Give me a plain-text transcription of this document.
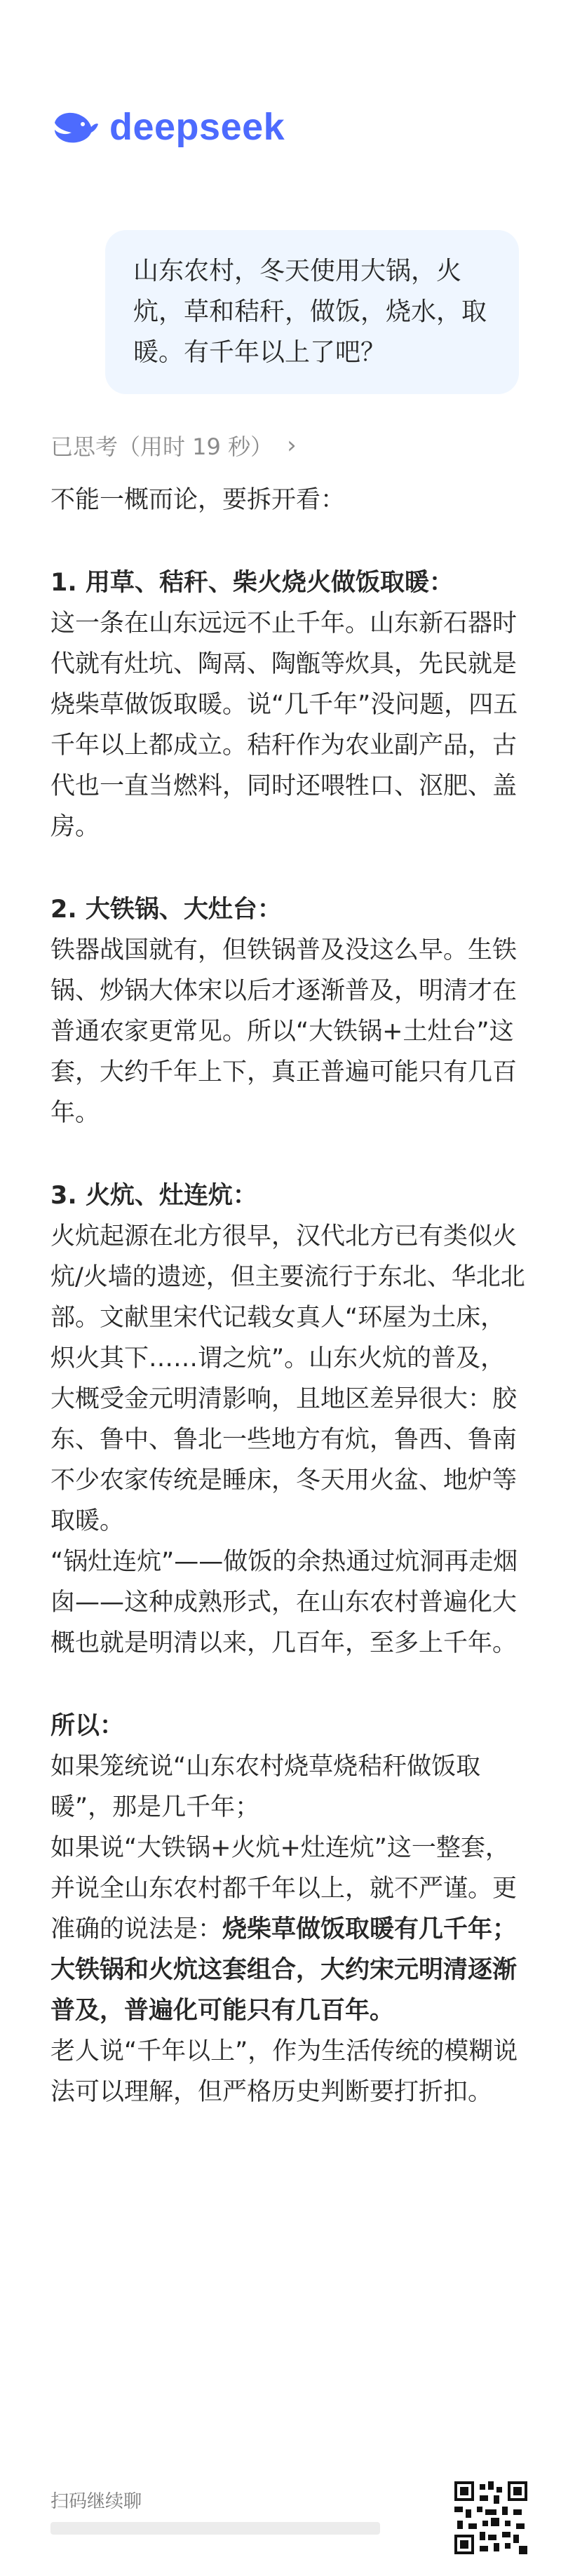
deepseek
山东农村，冬天使用大锅，火炕，草和秸秆，做饭，烧水，取暖。有千年以上了吧？
已思考（用时 19 秒） ›

不能一概而论，要拆开看：

1. 用草、秸秆、柴火烧火做饭取暖：

这一条在山东远远不止千年。山东新石器时代就有灶坑、陶鬲、陶甑等炊具，先民就是烧柴草做饭取暖。说“几千年”没问题，四五千年以上都成立。秸秆作为农业副产品，古代也一直当燃料，同时还喂牲口、沤肥、盖房。

2. 大铁锅、大灶台：

铁器战国就有，但铁锅普及没这么早。生铁锅、炒锅大体宋以后才逐渐普及，明清才在普通农家更常见。所以“大铁锅+土灶台”这套，大约千年上下，真正普遍可能只有几百年。

3. 火炕、灶连炕：

火炕起源在北方很早，汉代北方已有类似火炕/火墙的遗迹，但主要流行于东北、华北北部。文献里宋代记载女真人“环屋为土床，炽火其下……谓之炕”。山东火炕的普及，大概受金元明清影响，且地区差异很大：胶东、鲁中、鲁北一些地方有炕，鲁西、鲁南不少农家传统是睡床，冬天用火盆、地炉等取暖。

“锅灶连炕”——做饭的余热通过炕洞再走烟囱——这种成熟形式，在山东农村普遍化大概也就是明清以来，几百年，至多上千年。

所以：

如果笼统说“山东农村烧草烧秸秆做饭取暖”，那是几千年；

如果说“大铁锅+火炕+灶连炕”这一整套，并说全山东农村都千年以上，就不严谨。更准确的说法是：烧柴草做饭取暖有几千年；大铁锅和火炕这套组合，大约宋元明清逐渐普及，普遍化可能只有几百年。

老人说“千年以上”，作为生活传统的模糊说法可以理解，但严格历史判断要打折扣。

扫码继续聊
